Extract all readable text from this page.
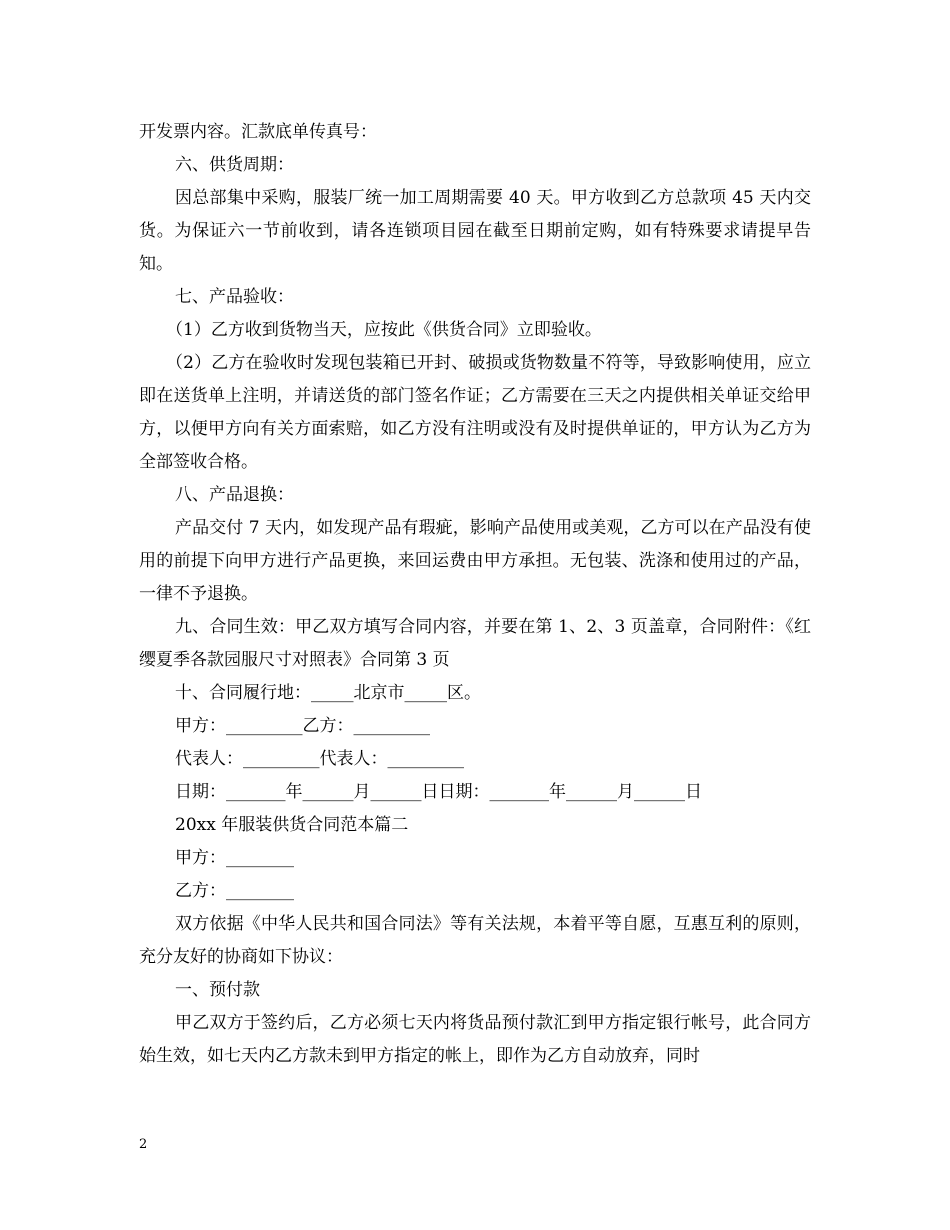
开发票内容。汇款底单传真号：

六、供货周期：

因总部集中采购，服装厂统一加工周期需要 40 天。甲方收到乙方总款项 45 天内交货。为保证六一节前收到，请各连锁项目园在截至日期前定购，如有特殊要求请提早告知。

七、产品验收：

（1）乙方收到货物当天，应按此《供货合同》立即验收。

（2）乙方在验收时发现包装箱已开封、破损或货物数量不符等，导致影响使用，应立即在送货单上注明，并请送货的部门签名作证；乙方需要在三天之内提供相关单证交给甲方，以便甲方向有关方面索赔，如乙方没有注明或没有及时提供单证的，甲方认为乙方为全部签收合格。

八、产品退换：

产品交付 7 天内，如发现产品有瑕疵，影响产品使用或美观，乙方可以在产品没有使用的前提下向甲方进行产品更换，来回运费由甲方承担。无包装、洗涤和使用过的产品，一律不予退换。

九、合同生效：甲乙双方填写合同内容，并要在第 1、2、3 页盖章，合同附件：《红缨夏季各款园服尺寸对照表》合同第 3 页

十、合同履行地：_____北京市_____区。

甲方：_________乙方：_________

代表人：_________代表人：_________

日期：_______年______月______日日期：_______年______月______日

20xx 年服装供货合同范本篇二

甲方：________

乙方：________

双方依据《中华人民共和国合同法》等有关法规，本着平等自愿，互惠互利的原则，充分友好的协商如下协议：

一、预付款

甲乙双方于签约后，乙方必须七天内将货品预付款汇到甲方指定银行帐号，此合同方始生效，如七天内乙方款未到甲方指定的帐上，即作为乙方自动放弃，同时

2
